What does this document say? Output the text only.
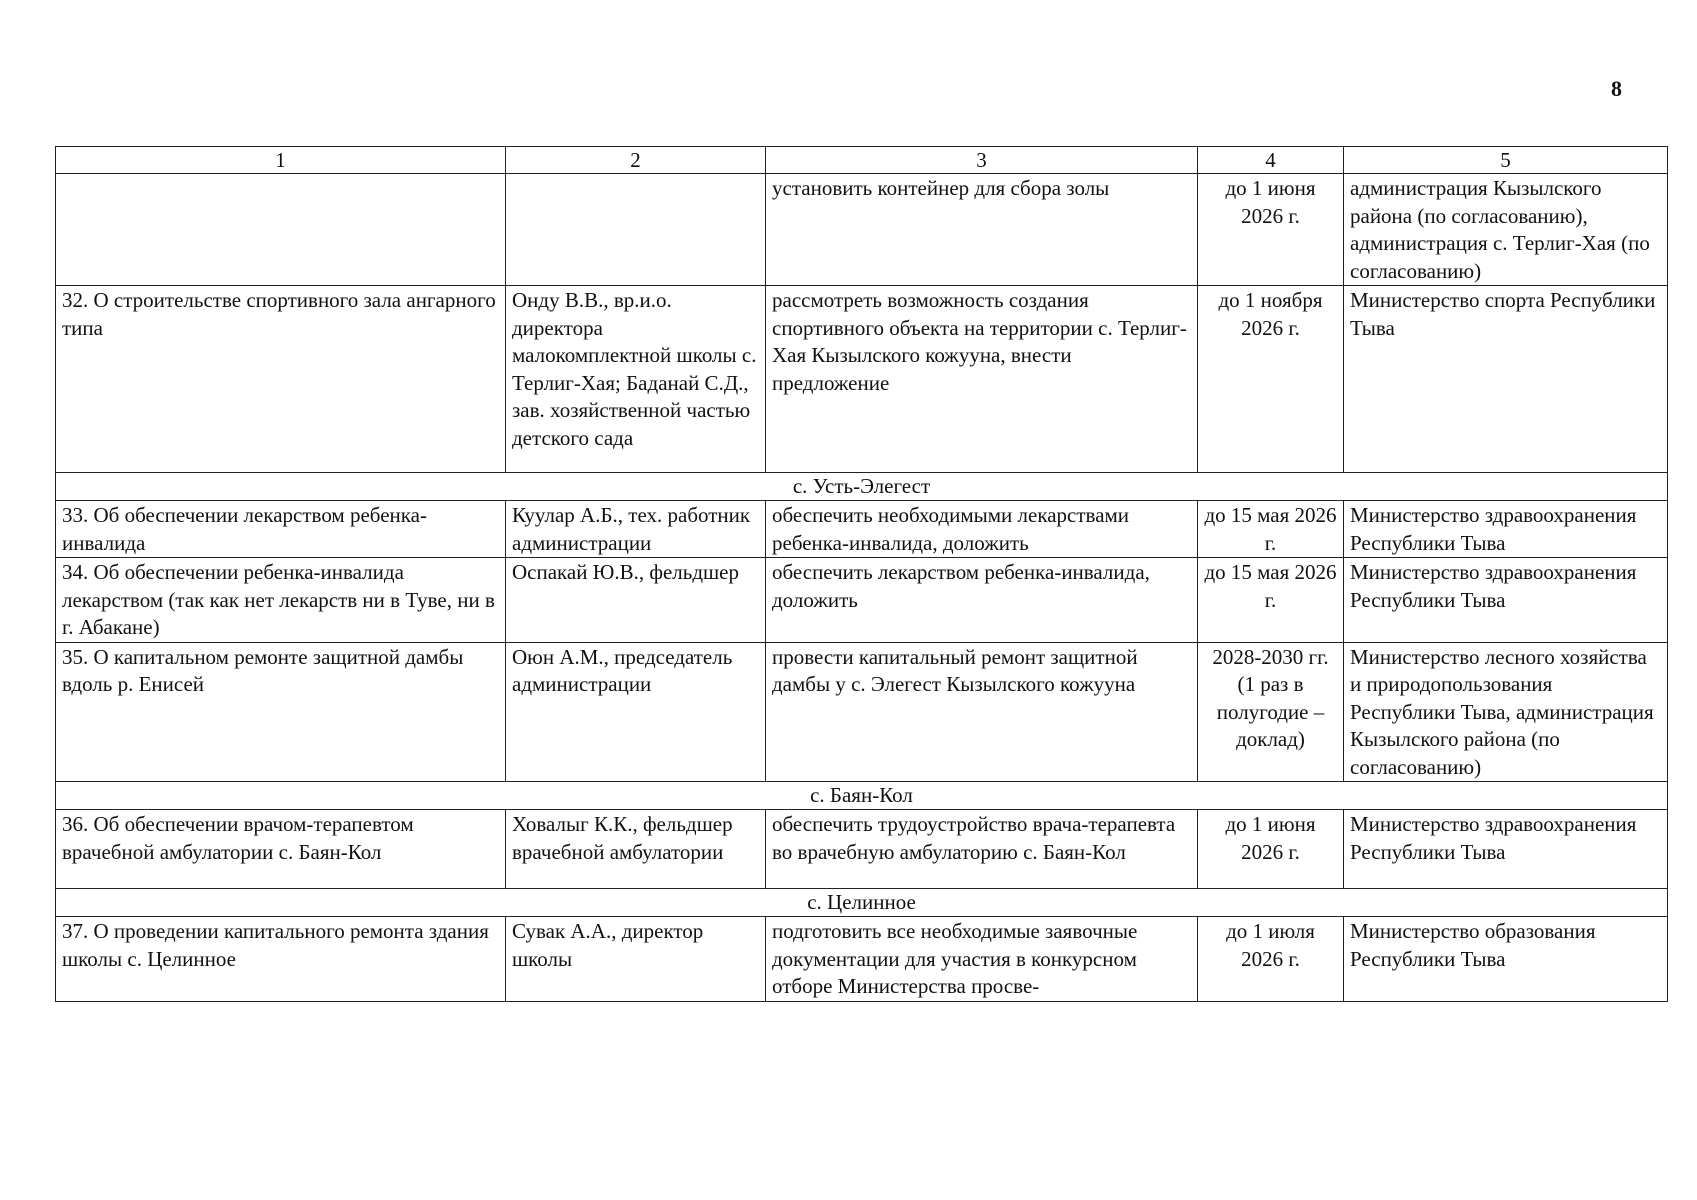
8
1	2	3	4	5
		установить контейнер для сбора золы	до 1 июня 2026 г.	администрация Кызылского района (по согласованию), администрация с. Терлиг-Хая (по согласованию)
32. О строительстве спортивного зала ангарного типа	Онду В.В., вр.и.о. директора малокомплектной школы с. Терлиг-Хая; Баданай С.Д., зав. хозяйственной частью детского сада	рассмотреть возможность создания спортивного объекта на территории с. Терлиг-Хая Кызылского кожууна, внести предложение	до 1 ноября 2026 г.	Министерство спорта Республики Тыва
с. Усть-Элегест				
33. Об обеспечении лекарством ребенка-инвалида	Куулар А.Б., тех. работник администрации	обеспечить необходимыми лекарствами ребенка-инвалида, доложить	до 15 мая 2026 г.	Министерство здравоохранения Республики Тыва
34. Об обеспечении ребенка-инвалида лекарством (так как нет лекарств ни в Туве, ни в г. Абакане)	Оспакай Ю.В., фельдшер	обеспечить лекарством ребенка-инвалида, доложить	до 15 мая 2026 г.	Министерство здравоохранения Республики Тыва
35. О капитальном ремонте защитной дамбы вдоль р. Енисей	Оюн А.М., председатель администрации	провести капитальный ремонт защитной дамбы у с. Элегест Кызылского кожууна	2028-2030 гг. (1 раз в полугодие – доклад)	Министерство лесного хозяйства и природопользования Республики Тыва, администрация Кызылского района (по согласованию)
с. Баян-Кол				
36. Об обеспечении врачом-терапевтом врачебной амбулатории с. Баян-Кол	Ховалыг К.К., фельдшер врачебной амбулатории	обеспечить трудоустройство врача-терапевта во врачебную амбулаторию с. Баян-Кол	до 1 июня 2026 г.	Министерство здравоохранения Республики Тыва
с. Целинное				
37. О проведении капитального ремонта здания школы с. Целинное	Сувак А.А., директор школы	подготовить все необходимые заявочные документации для участия в конкурсном отборе Министерства просве-	до 1 июля 2026 г.	Министерство образования Республики Тыва
